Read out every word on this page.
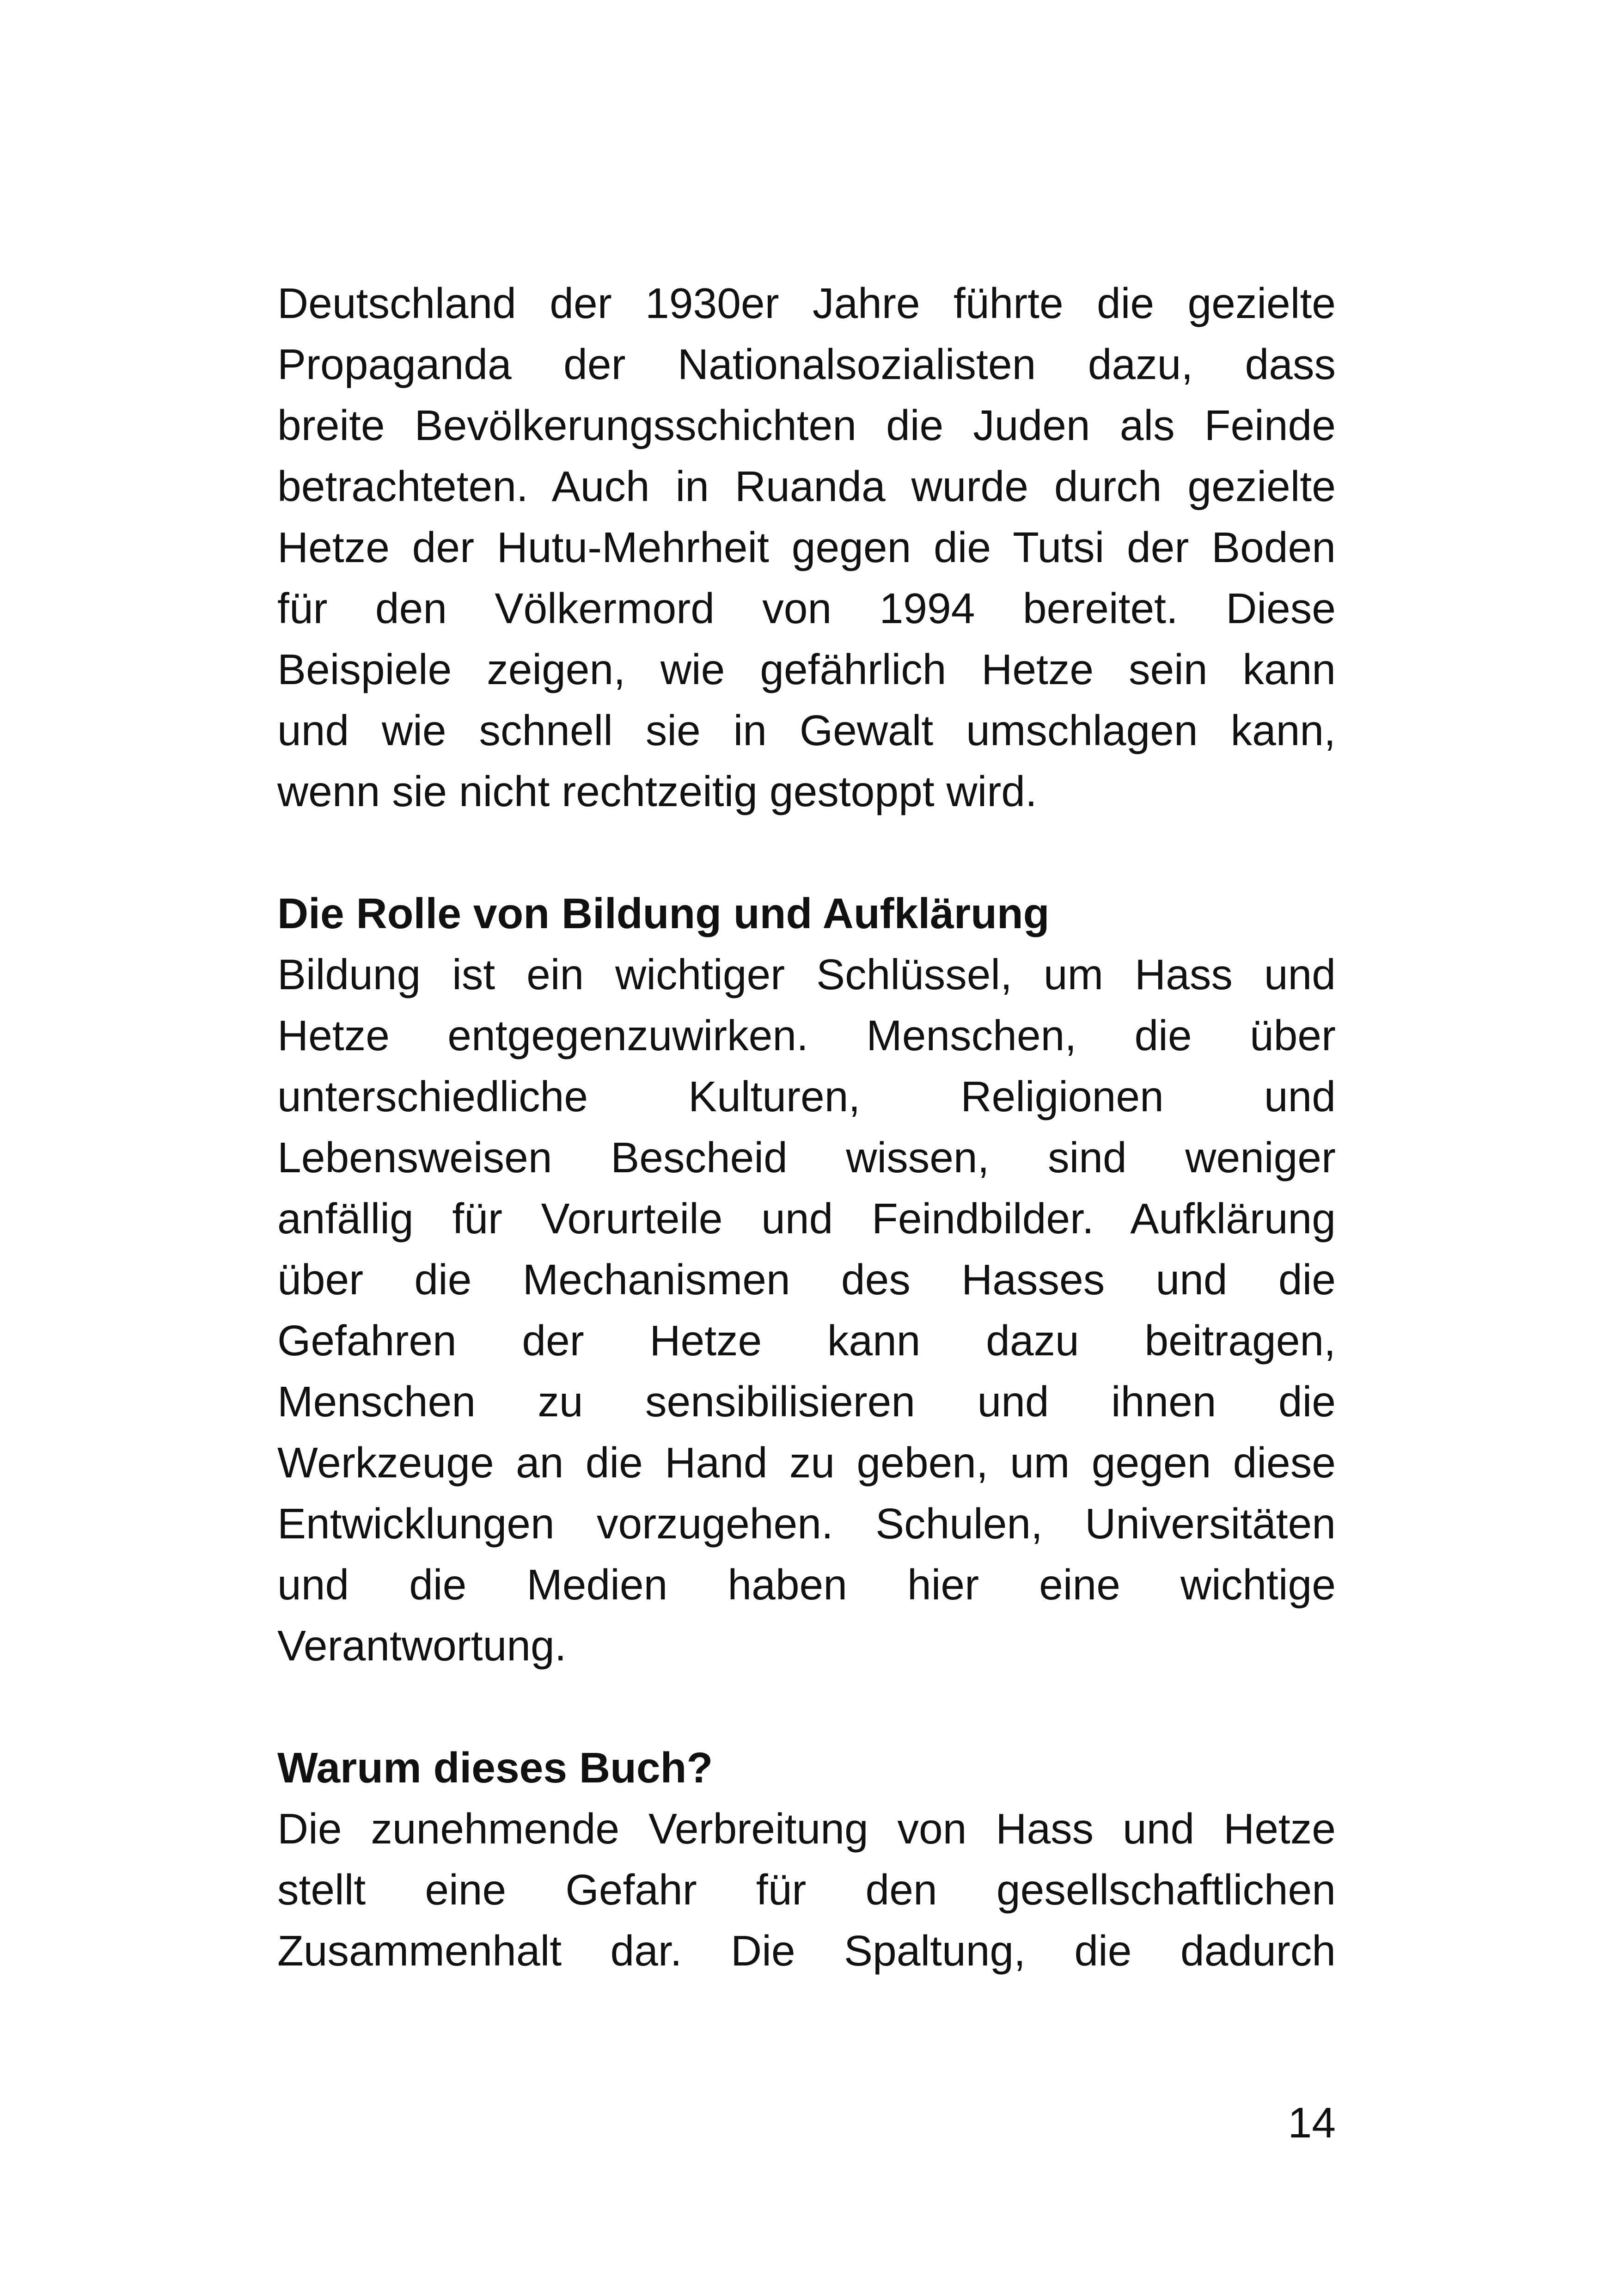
Deutschland der 1930er Jahre führte die gezielte
Propaganda der Nationalsozialisten dazu, dass
breite Bevölkerungsschichten die Juden als Feinde
betrachteten. Auch in Ruanda wurde durch gezielte
Hetze der Hutu-Mehrheit gegen die Tutsi der Boden
für den Völkermord von 1994 bereitet. Diese
Beispiele zeigen, wie gefährlich Hetze sein kann
und wie schnell sie in Gewalt umschlagen kann,
wenn sie nicht rechtzeitig gestoppt wird.

Die Rolle von Bildung und Aufklärung

Bildung ist ein wichtiger Schlüssel, um Hass und
Hetze entgegenzuwirken. Menschen, die über
unterschiedliche Kulturen, Religionen und
Lebensweisen Bescheid wissen, sind weniger
anfällig für Vorurteile und Feindbilder. Aufklärung
über die Mechanismen des Hasses und die
Gefahren der Hetze kann dazu beitragen,
Menschen zu sensibilisieren und ihnen die
Werkzeuge an die Hand zu geben, um gegen diese
Entwicklungen vorzugehen. Schulen, Universitäten
und die Medien haben hier eine wichtige
Verantwortung.

Warum dieses Buch?

Die zunehmende Verbreitung von Hass und Hetze
stellt eine Gefahr für den gesellschaftlichen
Zusammenhalt dar. Die Spaltung, die dadurch

14
